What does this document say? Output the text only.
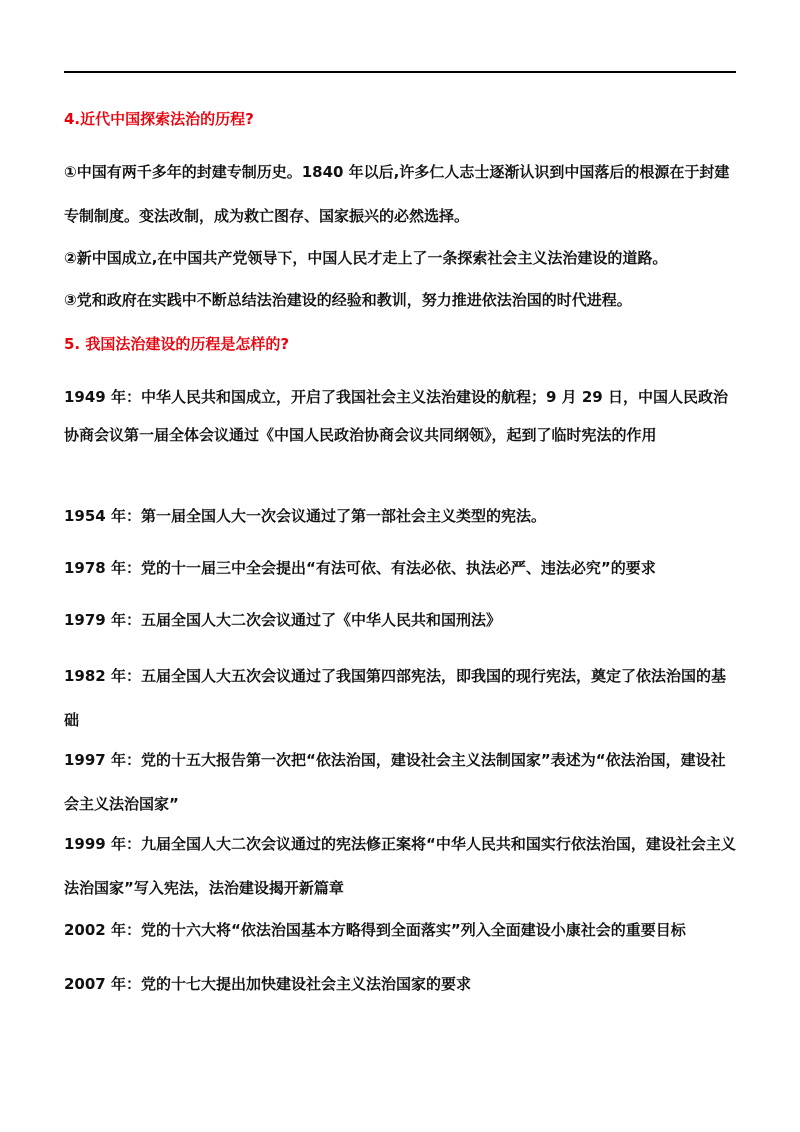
4.近代中国探索法治的历程?

①中国有两千多年的封建专制历史。1840 年以后,许多仁人志士逐渐认识到中国落后的根源在于封建专制制度。变法改制，成为救亡图存、国家振兴的必然选择。

②新中国成立,在中国共产党领导下，中国人民才走上了一条探索社会主义法治建设的道路。

③党和政府在实践中不断总结法治建设的经验和教训，努力推进依法治国的时代进程。

5. 我国法治建设的历程是怎样的?

1949 年：中华人民共和国成立，开启了我国社会主义法治建设的航程；9 月 29 日，中国人民政治协商会议第一届全体会议通过《中国人民政治协商会议共同纲领》，起到了临时宪法的作用

1954 年：第一届全国人大一次会议通过了第一部社会主义类型的宪法。

1978 年：党的十一届三中全会提出“有法可依、有法必依、执法必严、违法必究”的要求

1979 年：五届全国人大二次会议通过了《中华人民共和国刑法》

1982 年：五届全国人大五次会议通过了我国第四部宪法，即我国的现行宪法，奠定了依法治国的基础

1997 年：党的十五大报告第一次把“依法治国，建设社会主义法制国家”表述为“依法治国，建设社会主义法治国家”

1999 年：九届全国人大二次会议通过的宪法修正案将“中华人民共和国实行依法治国，建设社会主义法治国家”写入宪法，法治建设揭开新篇章

2002 年：党的十六大将“依法治国基本方略得到全面落实”列入全面建设小康社会的重要目标

2007 年：党的十七大提出加快建设社会主义法治国家的要求
